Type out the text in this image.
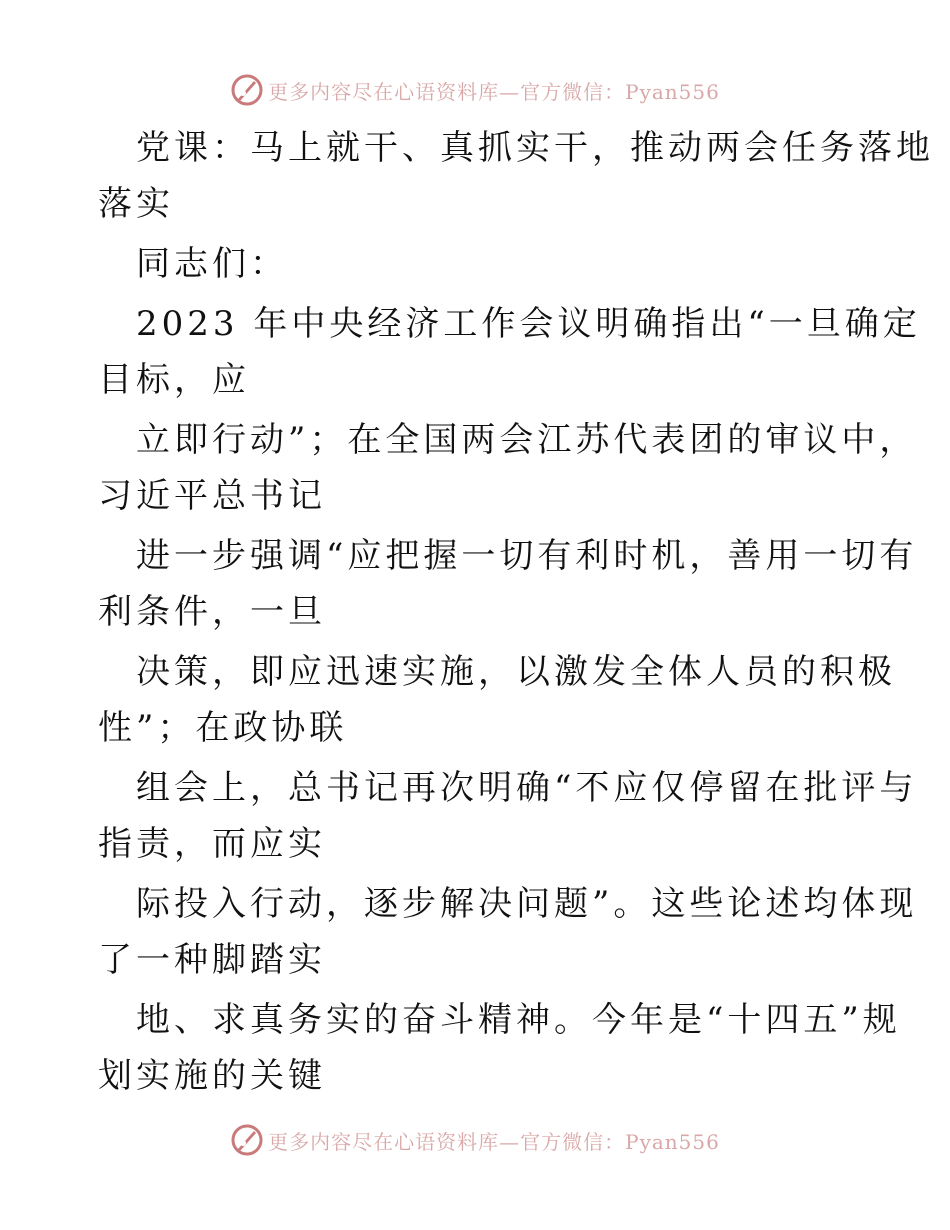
更多内容尽在心语资料库—官方微信：Pyan556
党课：马上就干、真抓实干，推动两会任务落地
落实
同志们：
2023 年中央经济工作会议明确指出“一旦确定
目标，应
立即行动”；在全国两会江苏代表团的审议中，
习近平总书记
进一步强调“应把握一切有利时机，善用一切有
利条件，一旦
决策，即应迅速实施，以激发全体人员的积极
性”；在政协联
组会上，总书记再次明确“不应仅停留在批评与
指责，而应实
际投入行动，逐步解决问题”。这些论述均体现
了一种脚踏实
地、求真务实的奋斗精神。今年是“十四五”规
划实施的关键
更多内容尽在心语资料库—官方微信：Pyan556
